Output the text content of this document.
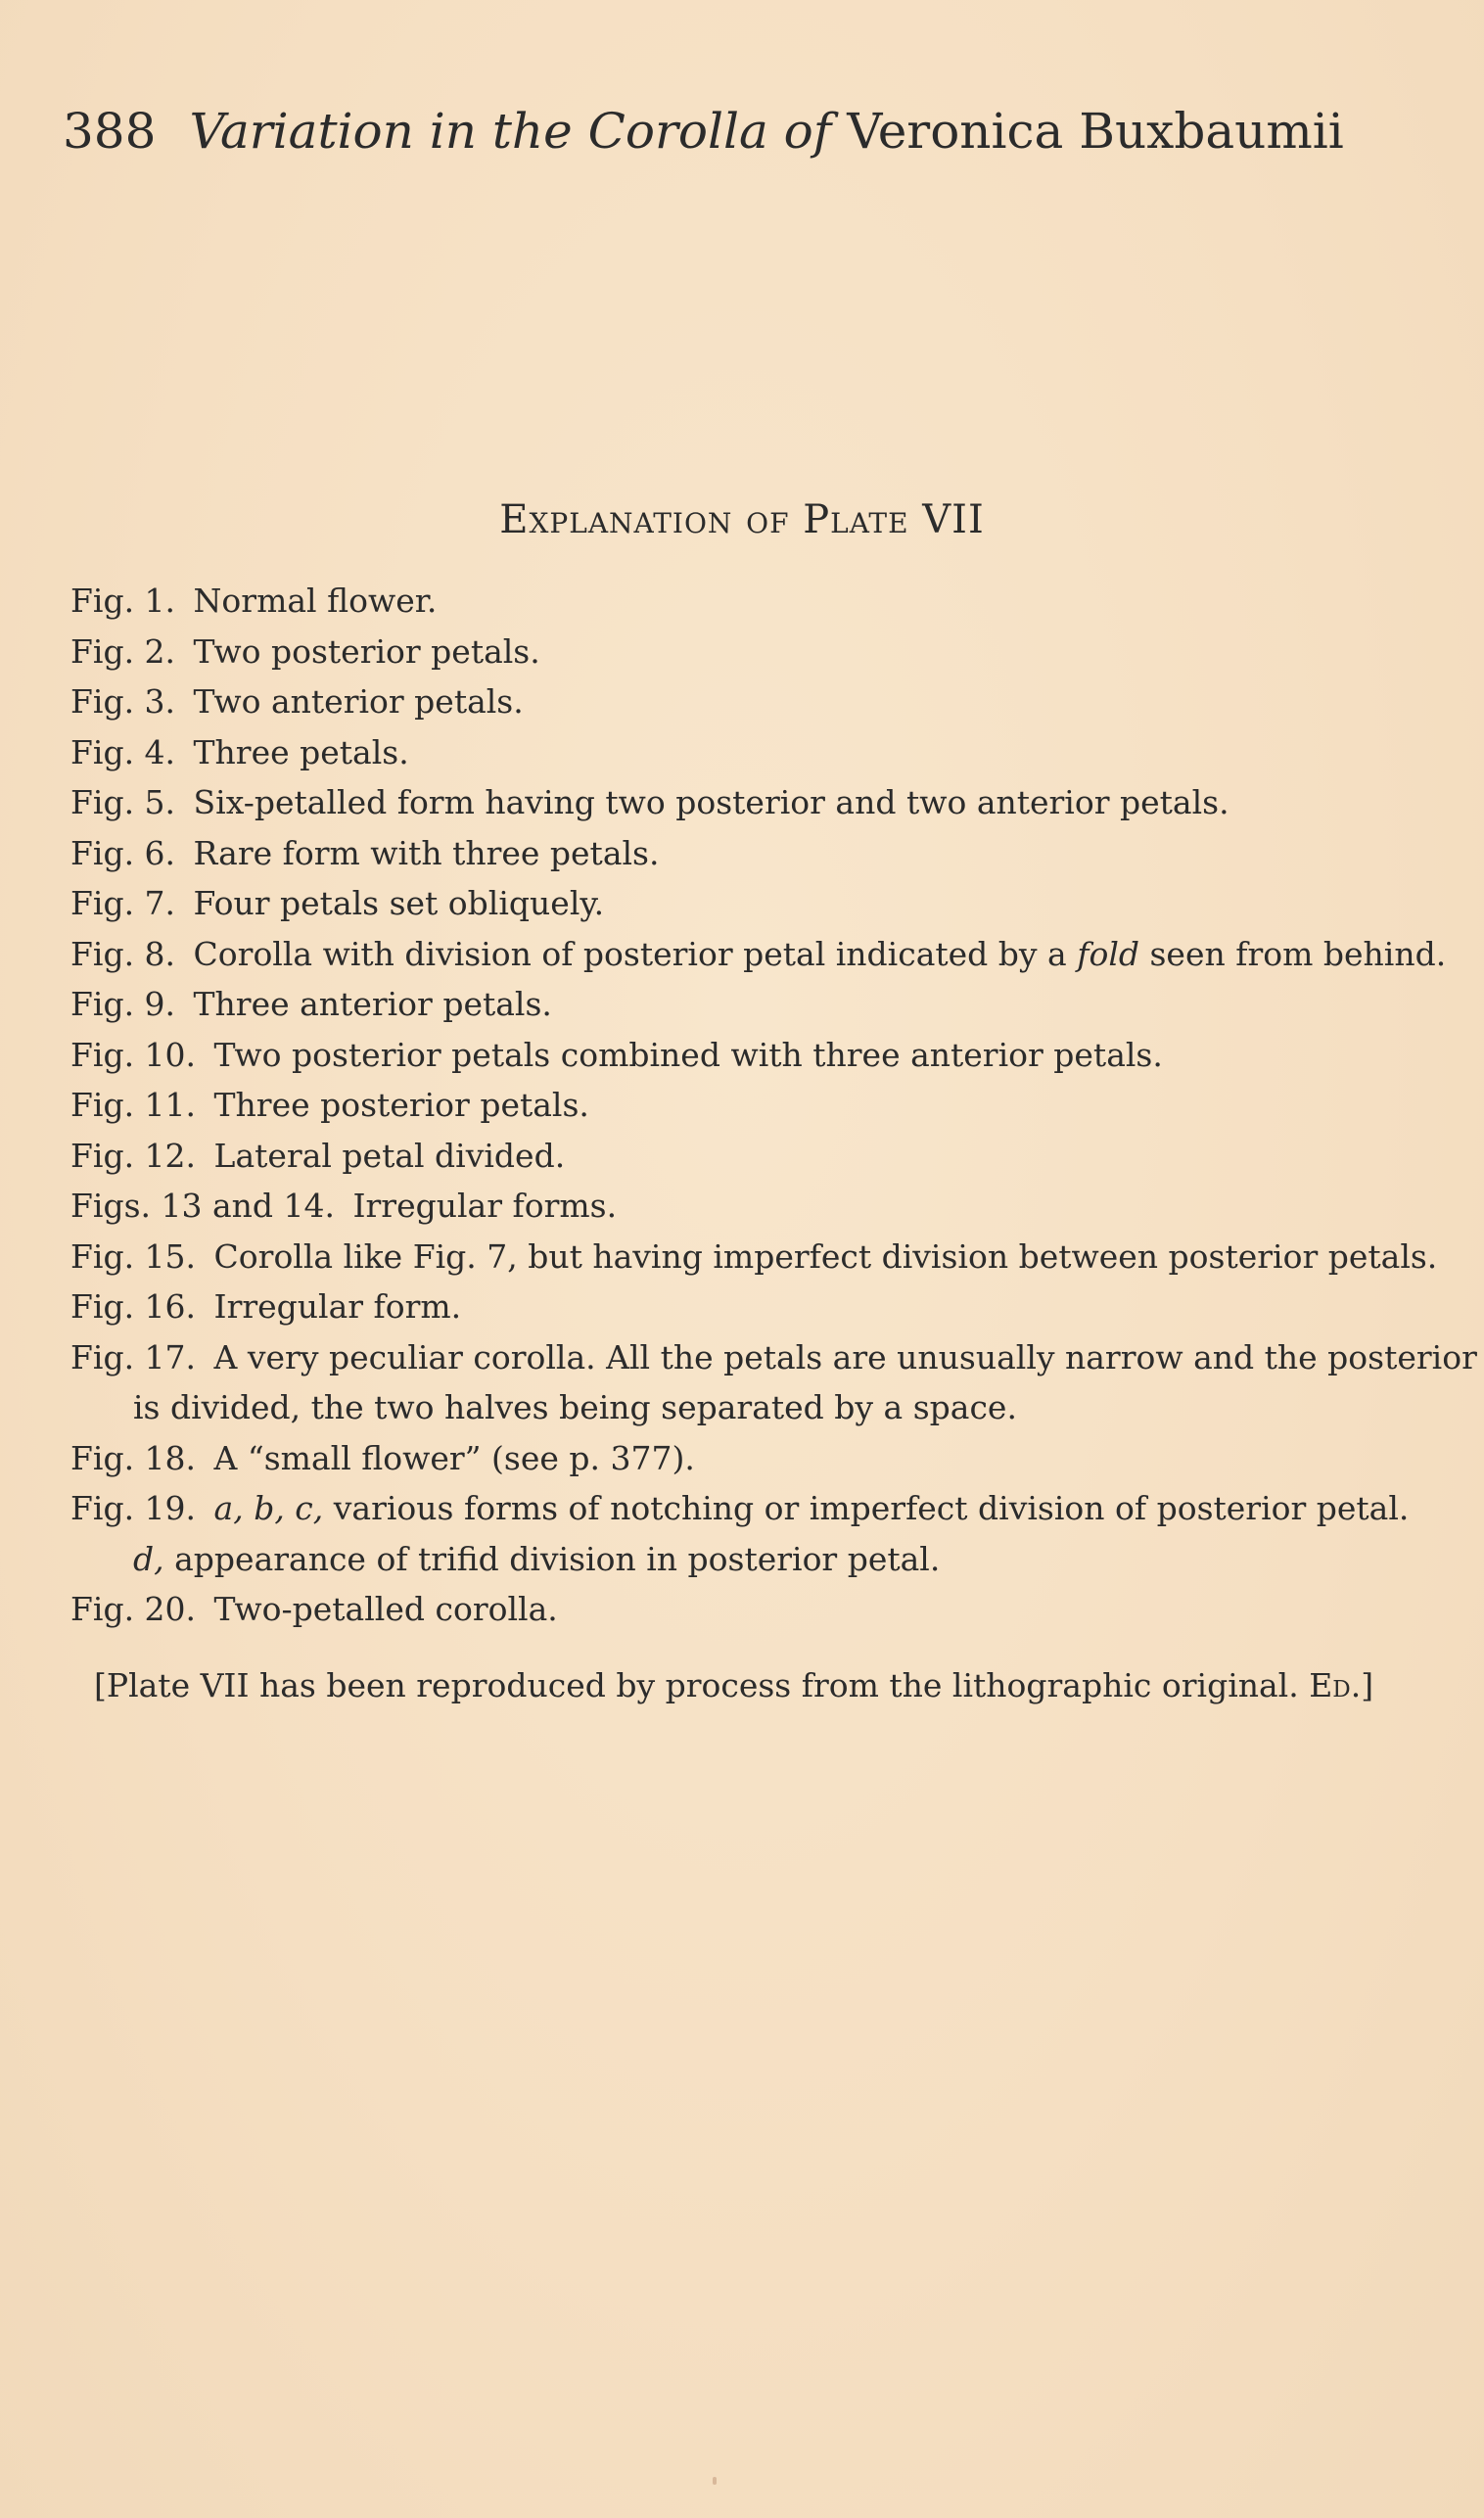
388 Variation in the Corolla of Veronica Buxbaumii
Explanation of Plate VII
Fig. 1. Normal flower.
Fig. 2. Two posterior petals.
Fig. 3. Two anterior petals.
Fig. 4. Three petals.
Fig. 5. Six-petalled form having two posterior and two anterior petals.
Fig. 6. Rare form with three petals.
Fig. 7. Four petals set obliquely.
Fig. 8. Corolla with division of posterior petal indicated by a fold seen from behind.
Fig. 9. Three anterior petals.
Fig. 10. Two posterior petals combined with three anterior petals.
Fig. 11. Three posterior petals.
Fig. 12. Lateral petal divided.
Figs. 13 and 14. Irregular forms.
Fig. 15. Corolla like Fig. 7, but having imperfect division between posterior petals.
Fig. 16. Irregular form.
Fig. 17. A very peculiar corolla. All the petals are unusually narrow and the posterior
is divided, the two halves being separated by a space.
Fig. 18. A “small flower” (see p. 377).
Fig. 19. a, b, c, various forms of notching or imperfect division of posterior petal.
d, appearance of trifid division in posterior petal.
Fig. 20. Two-petalled corolla.
[Plate VII has been reproduced by process from the lithographic original. Ed.]
